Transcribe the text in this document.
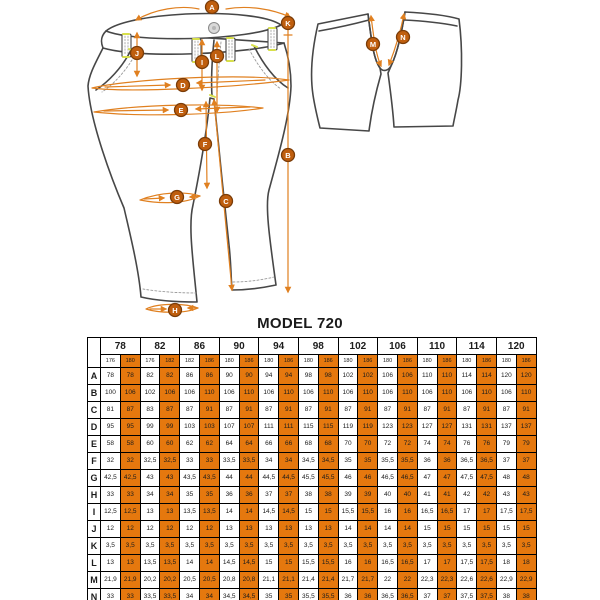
A
J
I
L
K
B
D
E
F
G	C
H
M
N
MODEL 720
	78		82		86		90		94		98		102		106		110		114		120	
	176	180	176	182	182	186	180	186	180	186	180	186	180	186	180	186	180	186	180	186	180	186
A	78	78	82	82	86	86	90	90	94	94	98	98	102	102	106	106	110	110	114	114	120	120
B	100	106	102	106	106	110	106	110	106	110	106	110	106	110	106	110	106	110	106	110	106	110
C	81	87	83	87	87	91	87	91	87	91	87	91	87	91	87	91	87	91	87	91	87	91
D	95	95	99	99	103	103	107	107	111	111	115	115	119	119	123	123	127	127	131	131	137	137
E	58	58	60	60	62	62	64	64	66	66	68	68	70	70	72	72	74	74	76	76	79	79
F	32	32	32,5	32,5	33	33	33,5	33,5	34	34	34,5	34,5	35	35	35,5	35,5	36	36	36,5	36,5	37	37
G	42,5	42,5	43	43	43,5	43,5	44	44	44,5	44,5	45,5	45,5	46	46	46,5	46,5	47	47	47,5	47,5	48	48
H	33	33	34	34	35	35	36	36	37	37	38	38	39	39	40	40	41	41	42	42	43	43
I	12,5	12,5	13	13	13,5	13,5	14	14	14,5	14,5	15	15	15,5	15,5	16	16	16,5	16,5	17	17	17,5	17,5
J	12	12	12	12	12	12	13	13	13	13	13	13	14	14	14	14	15	15	15	15	15	15
K	3,5	3,5	3,5	3,5	3,5	3,5	3,5	3,5	3,5	3,5	3,5	3,5	3,5	3,5	3,5	3,5	3,5	3,5	3,5	3,5	3,5	3,5
L	13	13	13,5	13,5	14	14	14,5	14,5	15	15	15,5	15,5	16	16	16,5	16,5	17	17	17,5	17,5	18	18
M	21,9	21,9	20,2	20,2	20,5	20,5	20,8	20,8	21,1	21,1	21,4	21,4	21,7	21,7	22	22	22,3	22,3	22,6	22,6	22,9	22,9
N	33	33	33,5	33,5	34	34	34,5	34,5	35	35	35,5	35,5	36	36	36,5	36,5	37	37	37,5	37,5	38	38
